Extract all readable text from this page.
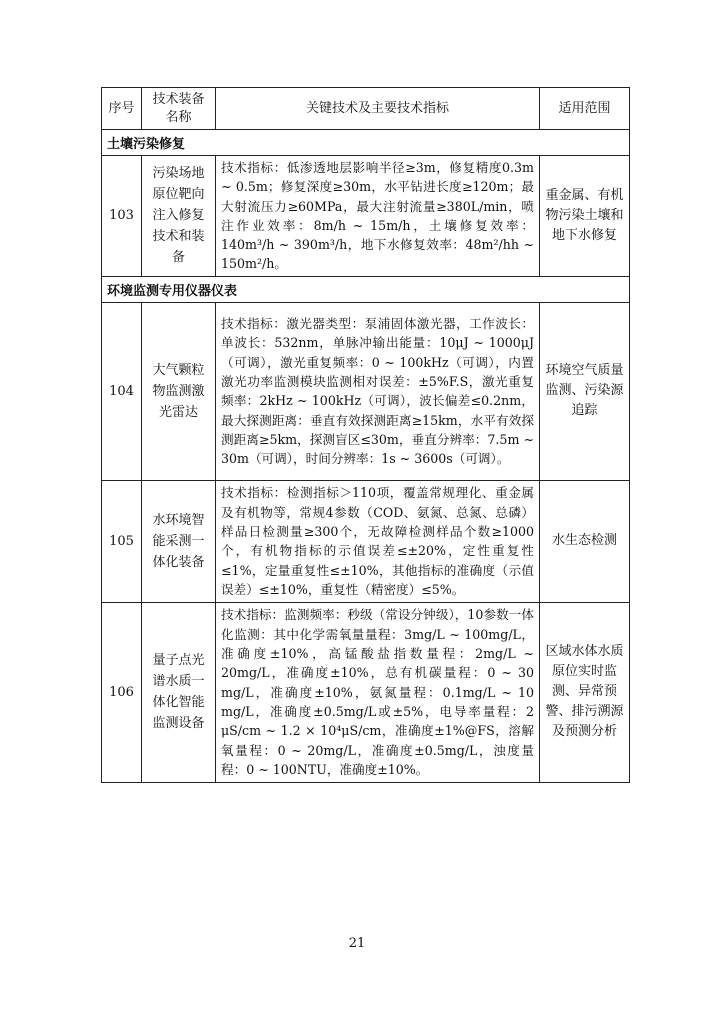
序号	技术装备名称	关键技术及主要技术指标	适用范围
土壤污染修复			
103	污染场地原位靶向注入修复技术和装备	技术指标：低渗透地层影响半径≥3m，修复精度0.3m ~ 0.5m；修复深度≥30m，水平钻进长度≥120m；最大射流压力≥60MPa，最大注射流量≥380L/min，喷注作业效率：8m/h ~ 15m/h，土壤修复效率：140m³/h ~ 390m³/h，地下水修复效率：48m²/hh ~ 150m²/h。	重金属、有机物污染土壤和地下水修复
环境监测专用仪器仪表			
104	大气颗粒物监测激光雷达	技术指标：激光器类型：泵浦固体激光器，工作波长：单波长：532nm，单脉冲输出能量：10μJ ~ 1000μJ（可调），激光重复频率：0 ~ 100kHz（可调），内置激光功率监测模块监测相对误差：±5%F.S，激光重复频率：2kHz ~ 100kHz（可调），波长偏差≤0.2nm，最大探测距离：垂直有效探测距离≥15km，水平有效探测距离≥5km，探测盲区≤30m，垂直分辨率：7.5m ~ 30m（可调），时间分辨率：1s ~ 3600s（可调）。	环境空气质量监测、污染源追踪
105	水环境智能采测一体化装备	技术指标：检测指标＞110项，覆盖常规理化、重金属及有机物等，常规4参数（COD、氨氮、总氮、总磷）样品日检测量≥300个，无故障检测样品个数≥1000个，有机物指标的示值误差≤±20%，定性重复性≤1%，定量重复性≤±10%，其他指标的准确度（示值误差）≤±10%，重复性（精密度）≤5%。	水生态检测
106	量子点光谱水质一体化智能监测设备	技术指标：监测频率：秒级（常设分钟级），10参数一体化监测：其中化学需氧量量程：3mg/L ~ 100mg/L，准确度±10%，高锰酸盐指数量程：2mg/L ~ 20mg/L，准确度±10%，总有机碳量程：0 ~ 30 mg/L，准确度±10%，氨氮量程：0.1mg/L ~ 10 mg/L，准确度±0.5mg/L或±5%，电导率量程：2 μS/cm ~ 1.2 × 10⁴μS/cm，准确度±1%@FS，溶解氧量程：0 ~ 20mg/L，准确度±0.5mg/L，浊度量程：0 ~ 100NTU，准确度±10%。	区域水体水质原位实时监测、异常预警、排污溯源及预测分析
21
